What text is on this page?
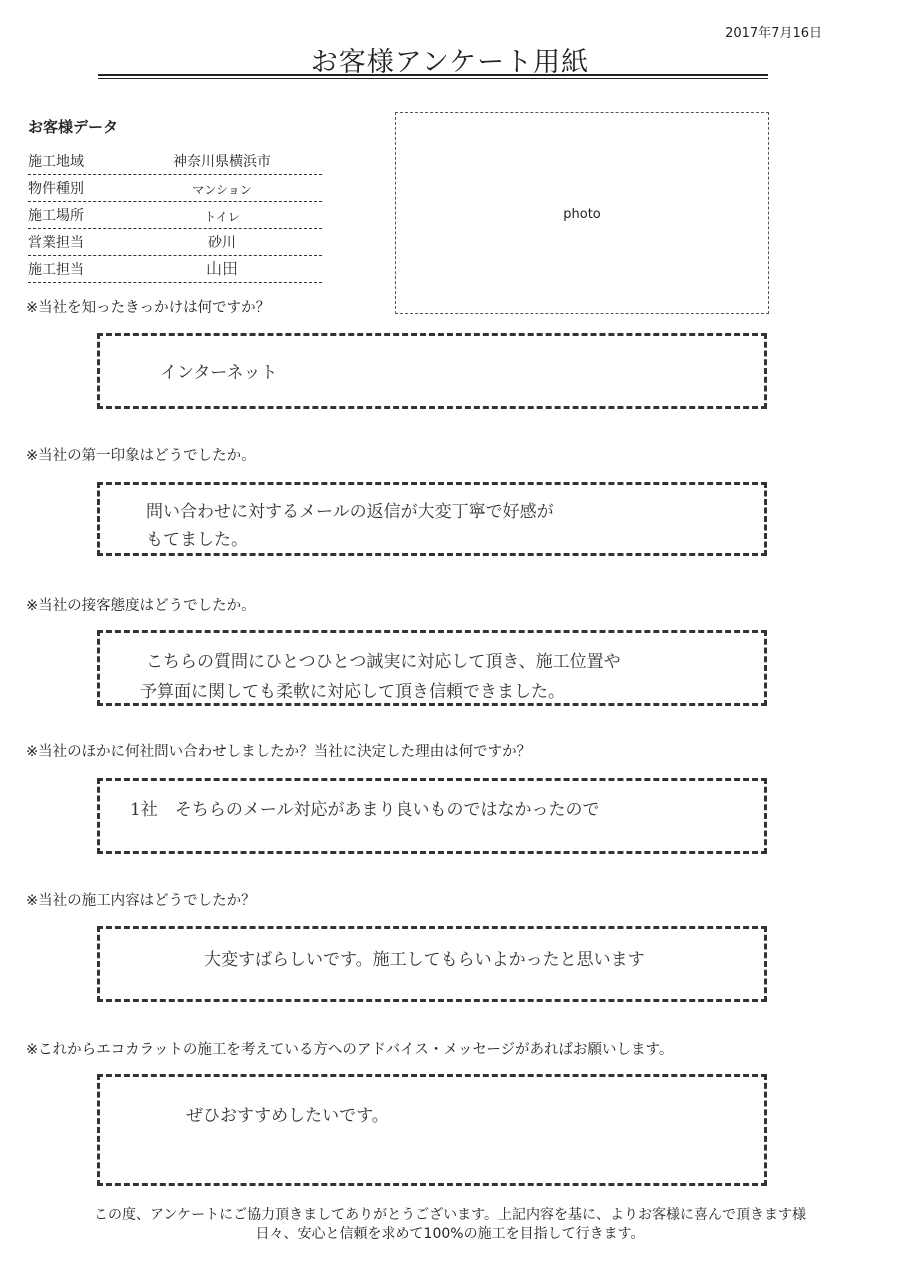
2017年7月16日
お客様アンケート用紙
お客様データ
施工地域	神奈川県横浜市
物件種別	マンション
施工場所	トイレ
営業担当	砂川
施工担当	山田
photo
※当社を知ったきっかけは何ですか？
インターネット
※当社の第一印象はどうでしたか。
問い合わせに対するメールの返信が大変丁寧で好感が
もてました。
※当社の接客態度はどうでしたか。
こちらの質問にひとつひとつ誠実に対応して頂き、施工位置や
予算面に関しても柔軟に対応して頂き信頼できました。
※当社のほかに何社問い合わせしましたか？当社に決定した理由は何ですか？
1社　そちらのメール対応があまり良いものではなかったので
※当社の施工内容はどうでしたか？
大変すばらしいです。施工してもらいよかったと思います
※これからエコカラットの施工を考えている方へのアドバイス・メッセージがあればお願いします。
ぜひおすすめしたいです。
この度、アンケートにご協力頂きましてありがとうございます。上記内容を基に、よりお客様に喜んで頂きます様
日々、安心と信頼を求めて100%の施工を目指して行きます。
